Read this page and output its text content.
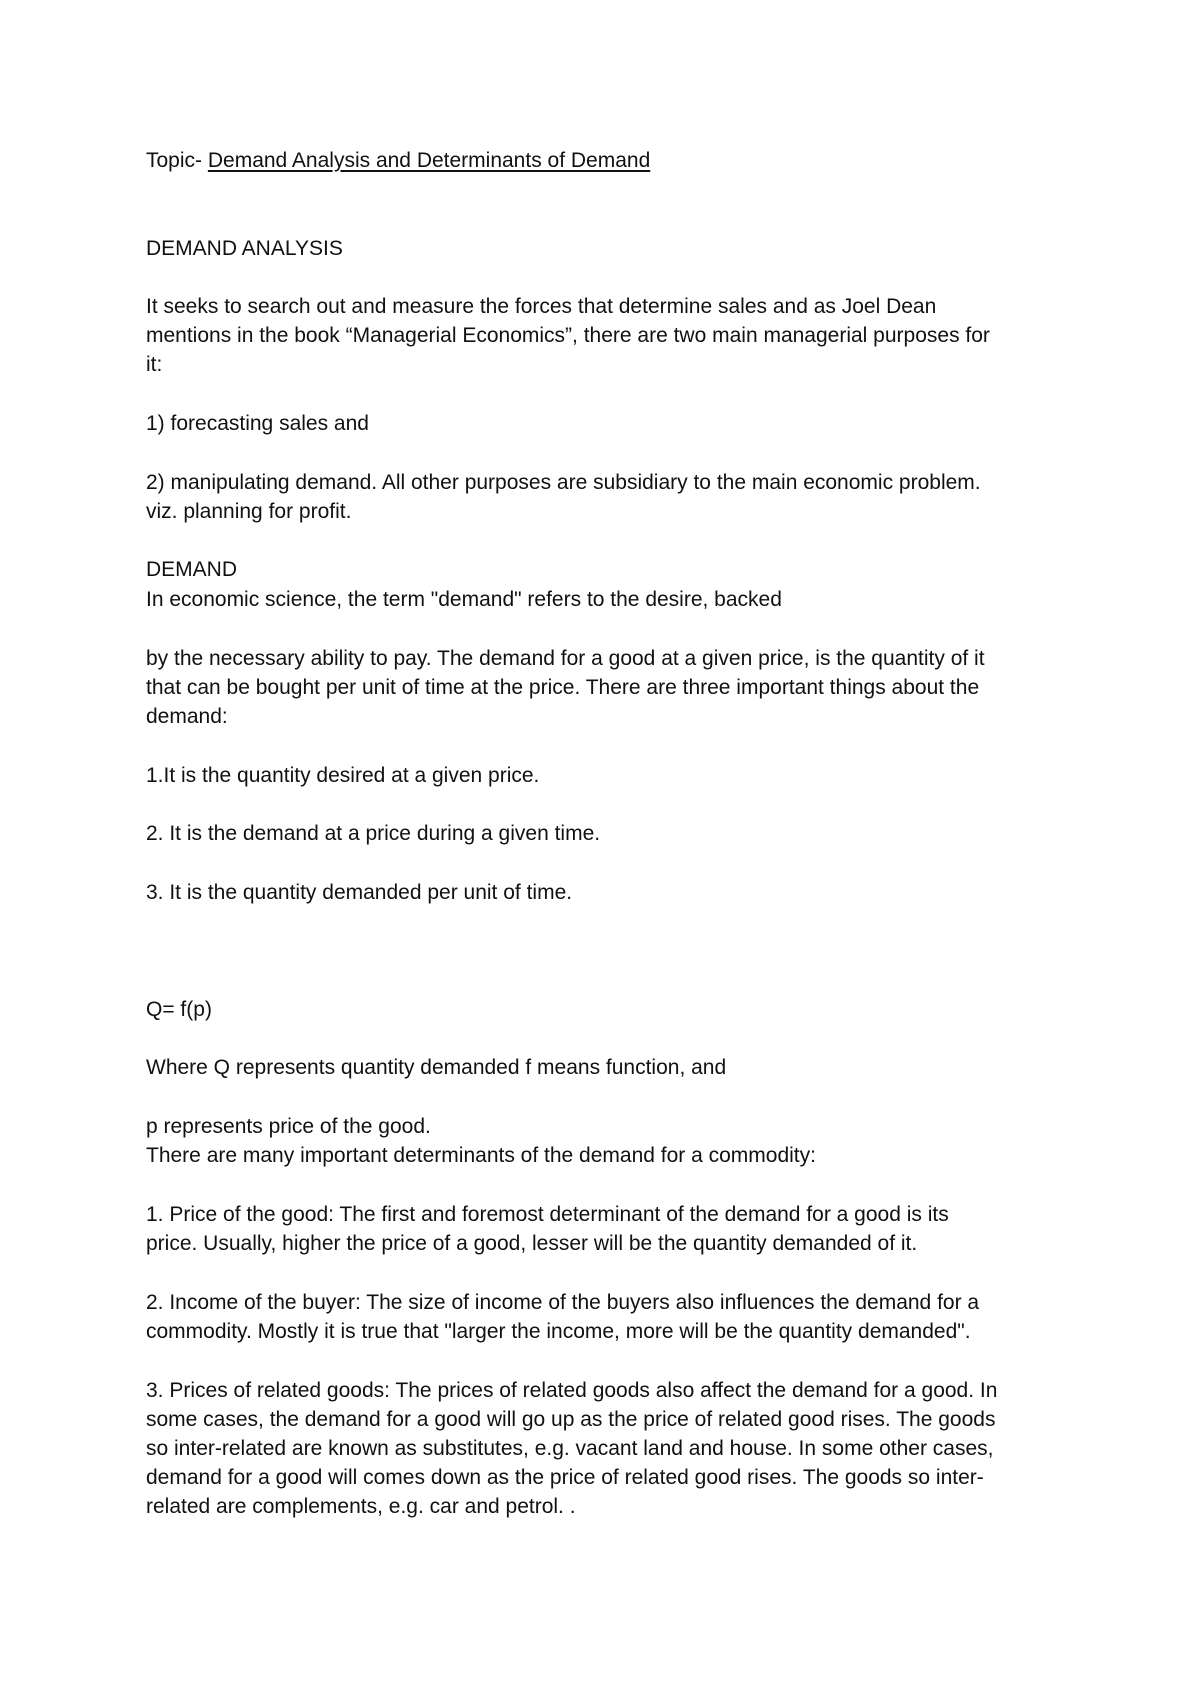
Topic- Demand Analysis and Determinants of Demand
DEMAND ANALYSIS
It seeks to search out and measure the forces that determine sales and as Joel Dean
mentions in the book “Managerial Economics”, there are two main managerial purposes for
it:
1) forecasting sales and
2) manipulating demand. All other purposes are subsidiary to the main economic problem.
viz. planning for profit.
DEMAND
In economic science, the term "demand" refers to the desire, backed
by the necessary ability to pay. The demand for a good at a given price, is the quantity of it
that can be bought per unit of time at the price. There are three important things about the
demand:
1.It is the quantity desired at a given price.
2. It is the demand at a price during a given time.
3. It is the quantity demanded per unit of time.
Q= f(p)
Where Q represents quantity demanded f means function, and
p represents price of the good.
There are many important determinants of the demand for a commodity:
1. Price of the good: The first and foremost determinant of the demand for a good is its
price. Usually, higher the price of a good, lesser will be the quantity demanded of it.
2. Income of the buyer: The size of income of the buyers also influences the demand for a
commodity. Mostly it is true that "larger the income, more will be the quantity demanded".
3. Prices of related goods: The prices of related goods also affect the demand for a good. In
some cases, the demand for a good will go up as the price of related good rises. The goods
so inter-related are known as substitutes, e.g. vacant land and house. In some other cases,
demand for a good will comes down as the price of related good rises. The goods so inter-
related are complements, e.g. car and petrol. .
